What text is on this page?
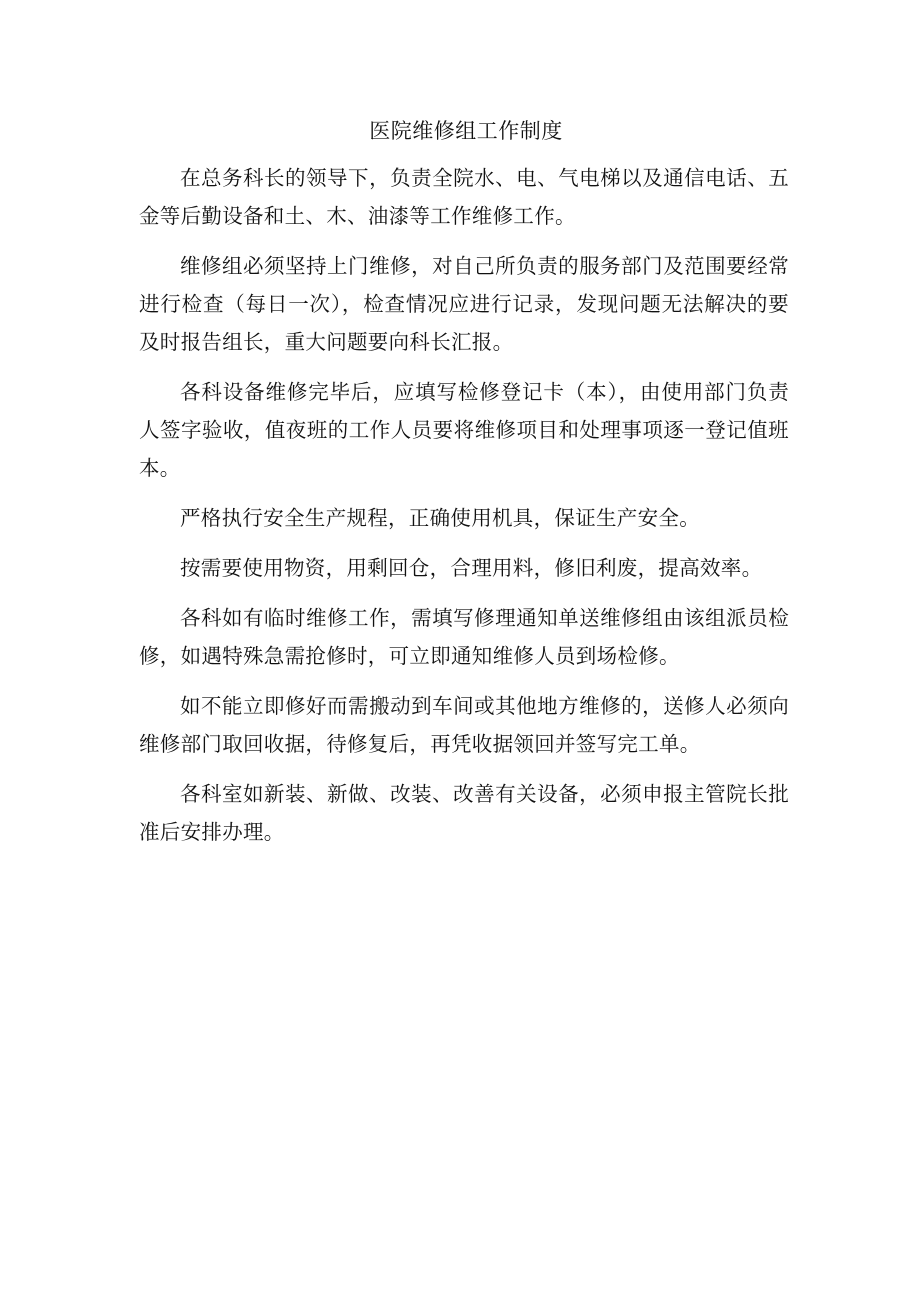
医院维修组工作制度

在总务科长的领导下，负责全院水、电、气电梯以及通信电话、五金等后勤设备和土、木、油漆等工作维修工作。

维修组必须坚持上门维修，对自己所负责的服务部门及范围要经常进行检查（每日一次），检查情况应进行记录，发现问题无法解决的要及时报告组长，重大问题要向科长汇报。

各科设备维修完毕后，应填写检修登记卡（本），由使用部门负责人签字验收，值夜班的工作人员要将维修项目和处理事项逐一登记值班本。

严格执行安全生产规程，正确使用机具，保证生产安全。

按需要使用物资，用剩回仓，合理用料，修旧利废，提高效率。

各科如有临时维修工作，需填写修理通知单送维修组由该组派员检修，如遇特殊急需抢修时，可立即通知维修人员到场检修。

如不能立即修好而需搬动到车间或其他地方维修的，送修人必须向维修部门取回收据，待修复后，再凭收据领回并签写完工单。

各科室如新装、新做、改装、改善有关设备，必须申报主管院长批准后安排办理。
